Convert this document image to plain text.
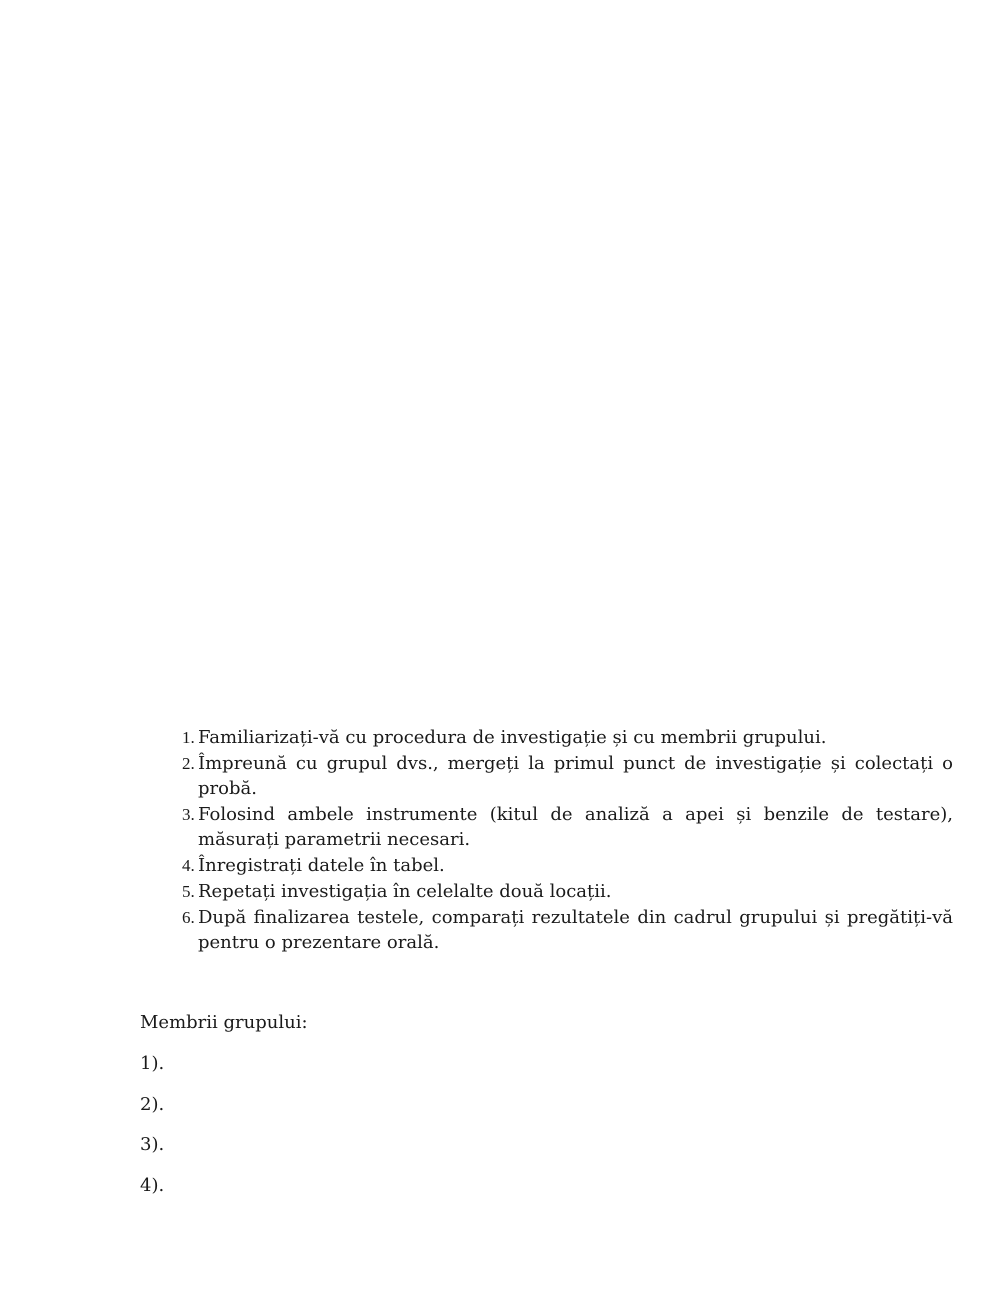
1. Familiarizați-vă cu procedura de investigație și cu membrii grupului.
2. Împreună cu grupul dvs., mergeți la primul punct de investigație și colectați o probă.
3. Folosind ambele instrumente (kitul de analiză a apei și benzile de testare), măsurați parametrii necesari.
4. Înregistrați datele în tabel.
5. Repetați investigația în celelalte două locații.
6. După finalizarea testele, comparați rezultatele din cadrul grupului și pregătiți-vă pentru o prezentare orală.

Membrii grupului:

1).

2).

3).

4).
